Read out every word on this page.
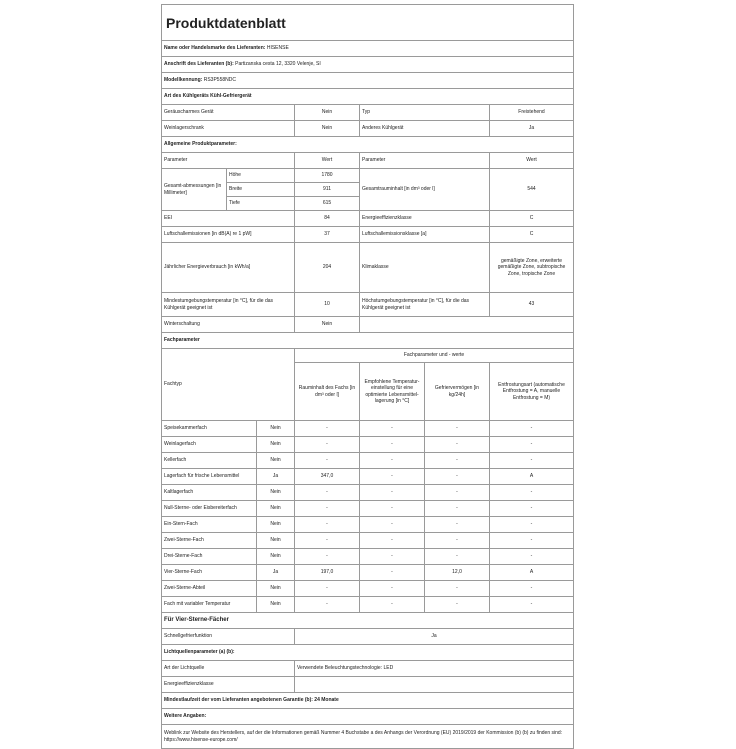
Produktdatenblatt						
Name oder Handelsmarke des Lieferanten: HISENSE						
Anschrift des Lieferanten (b): Partizanska cesta 12, 3320 Velenje, SI						
Modellkennung: RS3P558NDC						
Art des Kühlgeräts Kühl-Gefriergerät						
Geräuscharmes Gerät			Nein	Typ		Freistehend
Weinlagerschrank			Nein	Anderes Kühlgerät		Ja
Allgemeine Produktparameter:						
Parameter			Wert	Parameter		Wert
Gesamt-abmessungen [in Millimeter]	Höhe		1780	Gesamtrauminhalt [in dm³ oder l]		544
	Breite		911			
	Tiefe		615			
EEI			84	Energieeffizienzklasse		C
Luftschallemissionen [in dB(A) re 1 pW]			37	Luftschallemissionsklasse [a]		C
Jährlicher Energieverbrauch [in kWh/a]			204	Klimaklasse		gemäßigte Zone, erweiterte gemäßigte Zone, subtropische Zone, tropische Zone
Mindestumgebungstemperatur [in °C], für die das Kühlgerät geeignet ist			10	Höchstumgebungstemperatur [in °C], für die das Kühlgerät geeignet ist		43
Winterschaltung			Nein			
Fachparameter						
Fachtyp			Fachparameter und - werte			
			Rauminhalt des Fachs [in dm³ oder l]	Empfohlene Temperatur-einstellung für eine optimierte Lebensmittel-lagerung [in °C]	Gefriervermögen [in kg/24h]	Entfrostungsart (automatische Entfrostung = A, manuelle Entfrostung = M)
Speisekammerfach		Nein	-	-	-	-
Weinlagerfach		Nein	-	-	-	-
Kellerfach		Nein	-	-	-	-
Lagerfach für frische Lebensmittel		Ja	347,0	-	-	A
Kaltlagerfach		Nein	-	-	-	-
Null-Sterne- oder Eisbereiterfach		Nein	-	-	-	-
Ein-Stern-Fach		Nein	-	-	-	-
Zwei-Sterne-Fach		Nein	-	-	-	-
Drei-Sterne-Fach		Nein	-	-	-	-
Vier-Sterne-Fach		Ja	197,0	-	12,0	A
Zwei-Sterne-Abteil		Nein	-	-	-	-
Fach mit variabler Temperatur		Nein	-	-	-	-
Für Vier-Sterne-Fächer						
Schnellgefrierfunktion			Ja			
Lichtquellenparameter (a) (b):						
Art der Lichtquelle			Verwendete Beleuchtungstechnologie: LED			
Energieeffizienzklasse						
Mindestlaufzeit der vom Lieferanten angebotenen Garantie (b): 24 Monate						
Weitere Angaben:						
Weblink zur Website des Herstellers, auf der die Informationen gemäß Nummer 4 Buchstabe a des Anhangs der Verordnung (EU) 2019/2019 der Kommission (b) (b) zu finden sind: https://www.hisense-europe.com/						
